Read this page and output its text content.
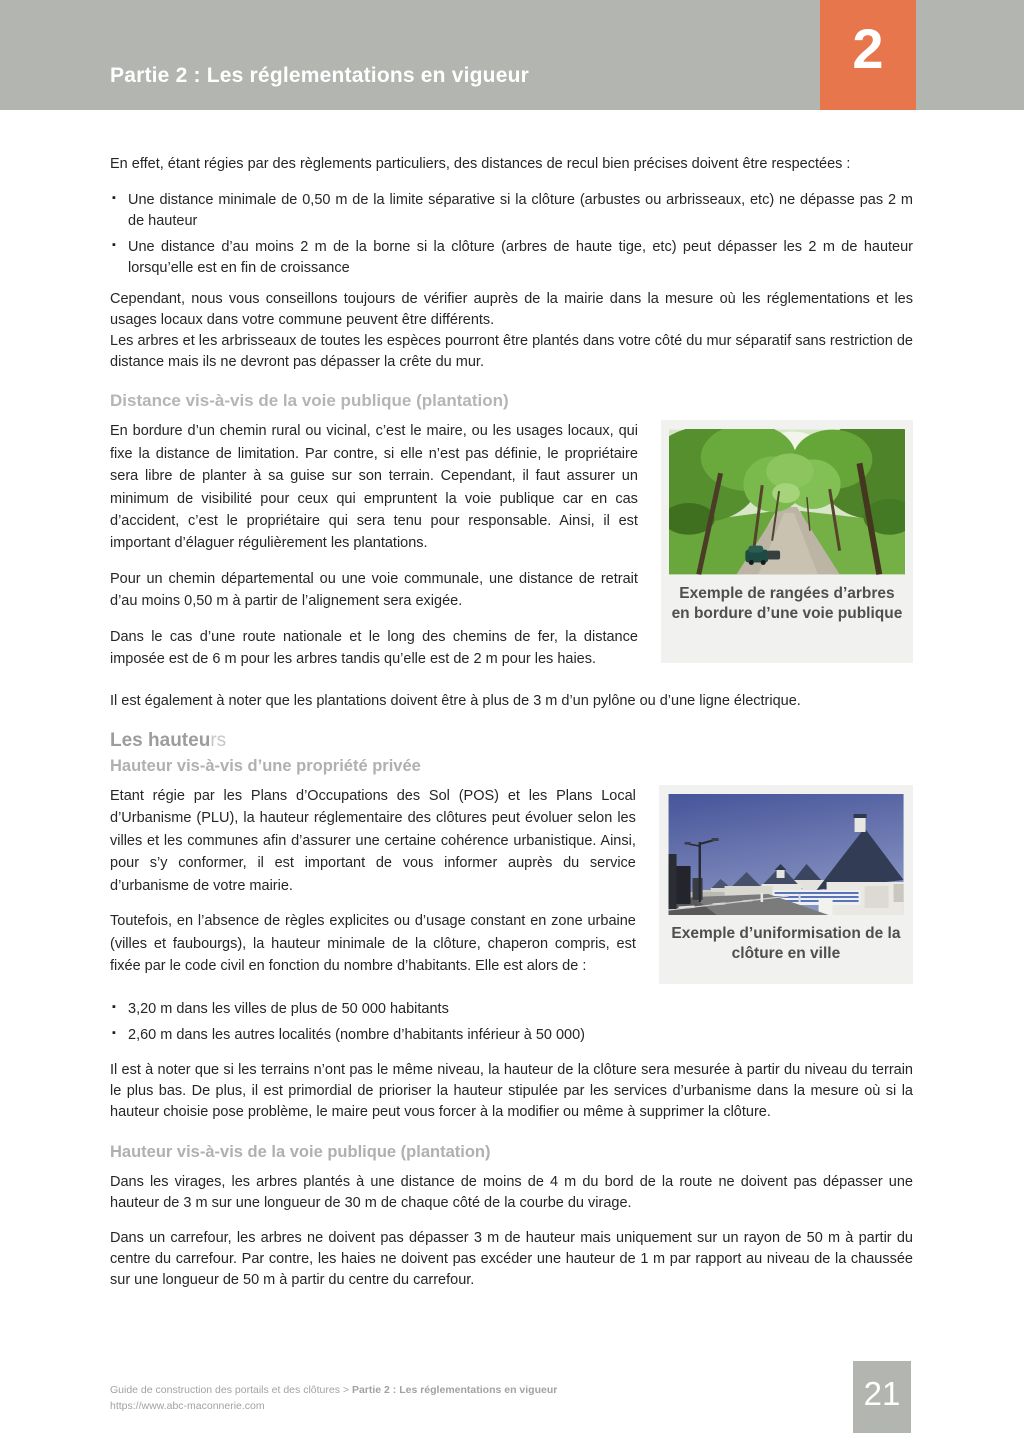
Partie 2 : Les réglementations en vigueur	2

En effet, étant régies par des règlements particuliers, des distances de recul bien précises doivent être respectées :

▪ Une distance minimale de 0,50 m de la limite séparative si la clôture (arbustes ou arbrisseaux, etc) ne dépasse pas 2 m de hauteur
▪ Une distance d’au moins 2 m de la borne si la clôture (arbres de haute tige, etc) peut dépasser les 2 m de hauteur lorsqu’elle est en fin de croissance

Cependant, nous vous conseillons toujours de vérifier auprès de la mairie dans la mesure où les réglementations et les usages locaux dans votre commune peuvent être différents.

Les arbres et les arbrisseaux de toutes les espèces pourront être plantés dans votre côté du mur séparatif sans restriction de distance mais ils ne devront pas dépasser la crête du mur.

Distance vis-à-vis de la voie publique (plantation)

En bordure d’un chemin rural ou vicinal, c’est le maire, ou les usages locaux, qui fixe la distance de limitation. Par contre, si elle n’est pas définie, le propriétaire sera libre de planter à sa guise sur son terrain. Cependant, il faut assurer un minimum de visibilité pour ceux qui empruntent la voie publique car en cas d’accident, c’est le propriétaire qui sera tenu pour responsable. Ainsi, il est important d’élaguer régulièrement les plantations.

Pour un chemin départemental ou une voie communale, une distance de retrait d’au moins 0,50 m à partir de l’alignement sera exigée.

Dans le cas d’une route nationale et le long des chemins de fer, la distance imposée est de 6 m pour les arbres tandis qu’elle est de 2 m pour les haies.

Exemple de rangées d’arbres en bordure d’une voie publique

Il est également à noter que les plantations doivent être à plus de 3 m d’un pylône ou d’une ligne électrique.

Les hauteurs
Hauteur vis-à-vis d’une propriété privée

Etant régie par les Plans d’Occupations des Sol (POS) et les Plans Local d’Urbanisme (PLU), la hauteur réglementaire des clôtures peut évoluer selon les villes et les communes afin d’assurer une certaine cohérence urbanistique. Ainsi, pour s’y conformer, il est important de vous informer auprès du service d’urbanisme de votre mairie.

Toutefois, en l’absence de règles explicites ou d’usage constant en zone urbaine (villes et faubourgs), la hauteur minimale de la clôture, chaperon compris, est fixée par le code civil en fonction du nombre d’habitants. Elle est alors de :

Exemple d’uniformisation de la clôture en ville
▪ 3,20 m dans les villes de plus de 50 000 habitants
▪ 2,60 m dans les autres localités (nombre d’habitants inférieur à 50 000)

Il est à noter que si les terrains n’ont pas le même niveau, la hauteur de la clôture sera mesurée à partir du niveau du terrain le plus bas. De plus, il est primordial de prioriser la hauteur stipulée par les services d’urbanisme dans la mesure où si la hauteur choisie pose problème, le maire peut vous forcer à la modifier ou même à supprimer la clôture.

Hauteur vis-à-vis de la voie publique (plantation)

Dans les virages, les arbres plantés à une distance de moins de 4 m du bord de la route ne doivent pas dépasser une hauteur de 3 m sur une longueur de 30 m de chaque côté de la courbe du virage.

Dans un carrefour, les arbres ne doivent pas dépasser 3 m de hauteur mais uniquement sur un rayon de 50 m à partir du centre du carrefour. Par contre, les haies ne doivent pas excéder une hauteur de 1 m par rapport au niveau de la chaussée sur une longueur de 50 m à partir du centre du carrefour.

Guide de construction des portails et des clôtures > Partie 2 : Les réglementations en vigueur
https://www.abc-maconnerie.com	21
